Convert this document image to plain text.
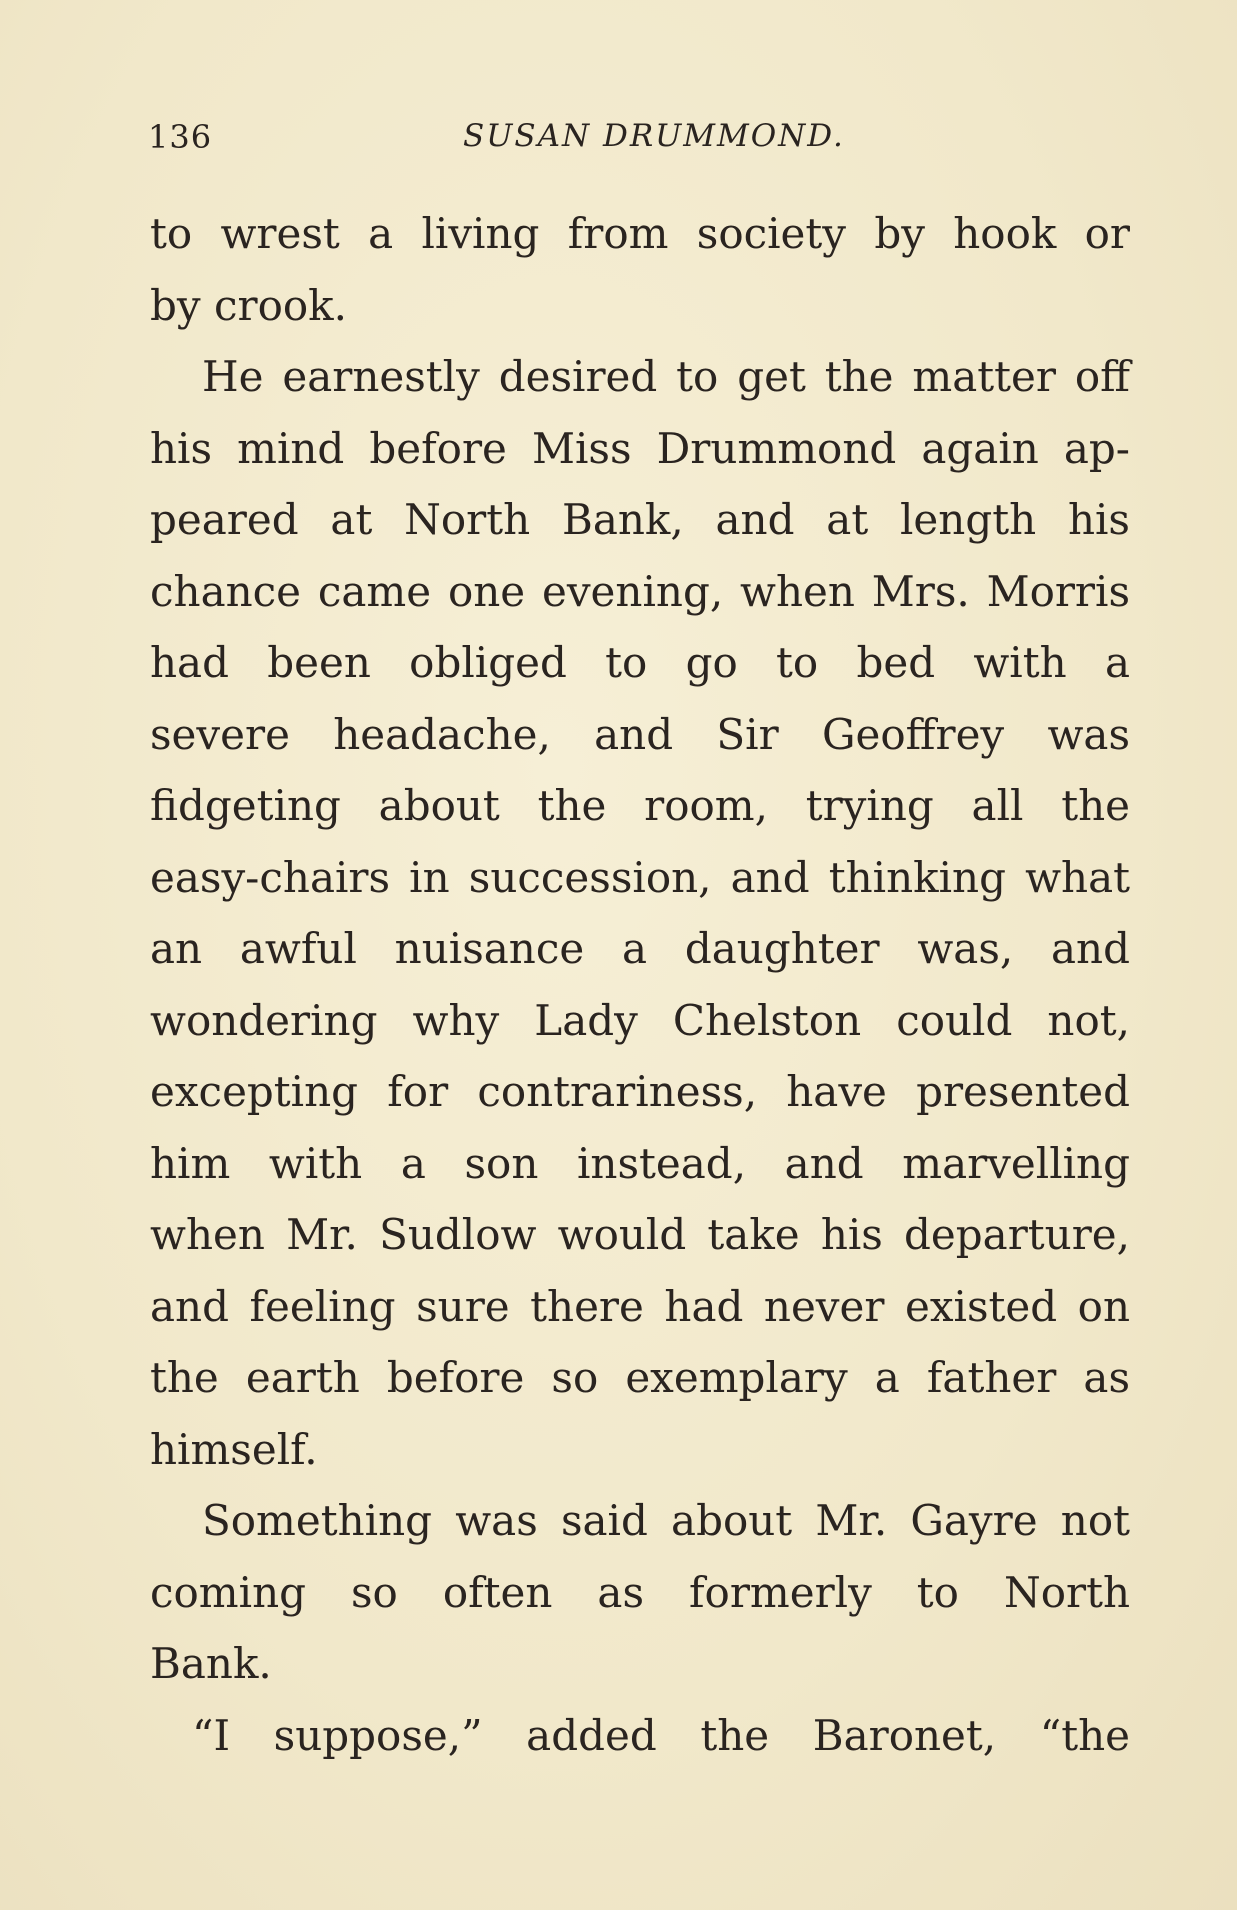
136	SUSAN DRUMMOND.
to wrest a living from society by hook or
by crook.
He earnestly desired to get the matter off
his mind before Miss Drummond again ap-
peared at North Bank, and at length his
chance came one evening, when Mrs. Morris
had been obliged to go to bed with a
severe headache, and Sir Geoffrey was
fidgeting about the room, trying all the
easy-chairs in succession, and thinking what
an awful nuisance a daughter was, and
wondering why Lady Chelston could not,
excepting for contrariness, have presented
him with a son instead, and marvelling
when Mr. Sudlow would take his departure,
and feeling sure there had never existed on
the earth before so exemplary a father as
himself.
Something was said about Mr. Gayre not
coming so often as formerly to North
Bank.
“I suppose,” added the Baronet, “the
